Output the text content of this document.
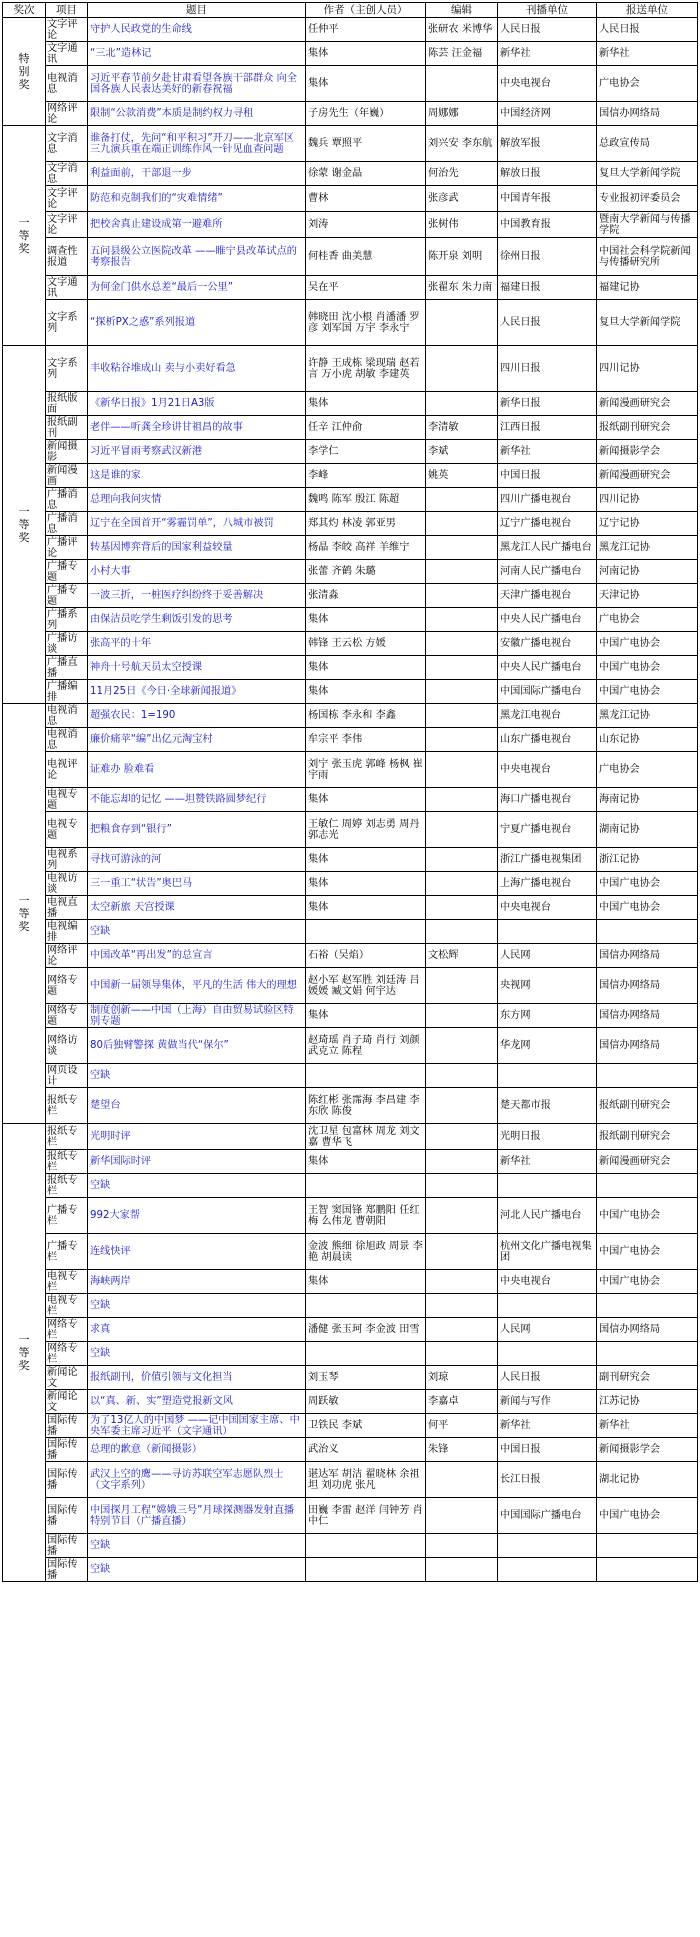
奖次	项目	题目	作者（主创人员）	编辑	刊播单位	报送单位
特别奖	文字评论	守护人民政党的生命线	任仲平	张研农 米博华	人民日报	人民日报
	文字通讯	“三北”造林记	集体	陈芸 汪金福	新华社	新华社
	电视消息	习近平春节前夕赴甘肃看望各族干部群众 向全国各族人民表达美好的新春祝福	集体		中央电视台	广电协会
	网络评论	限制“公款消费”本质是制约权力寻租	子房先生（年巍）	周娜娜	中国经济网	国信办网络局
一等奖	文字消息	谁备打仗，先问“和平积习”开刀——北京军区三九演兵重在端正训练作风一针见血查问题	魏兵 覃照平	刘兴安 李东航	解放军报	总政宣传局
	文字消息	利益面前，干部退一步	徐蒙 谢金晶	何治先	解放日报	复旦大学新闻学院
	文字评论	防范和克制我们的“灾难情绪”	曹林	张彦武	中国青年报	专业报初评委员会
	文字评论	把校舍真止建设成第一避难所	刘涛	张树伟	中国教育报	暨南大学新闻与传播学院
	调查性报道	五问县级公立医院改革 ——睢宁县改革试点的考察报告	何桂香 曲美慧	陈开泉 刘明	徐州日报	中国社会科学院新闻与传播研究所
	文字通讯	为何金门供水总差“最后一公里”	吴在平	张翟东 朱力南	福建日报	福建记协
	文字系列	“探析PX之惑”系列报道	韩晓田 沈小根 肖潘潘 罗彦 刘军国 万宇 李永宁		人民日报	复旦大学新闻学院
一等奖	文字系列	丰收粘谷堆成山 卖与小卖好看急	许静 王成栋 梁现瑞 赵若言 万小虎 胡敏 李建英		四川日报	四川记协
	报纸版面	《新华日报》1月21日A3版	集体		新华日报	新闻漫画研究会
	报纸副刊	老伴——听龚全珍讲甘祖昌的故事	任辛 江仲俞	李清敏	江西日报	报纸副刊研究会
	新闻摄影	习近平冒雨考察武汉新港	李学仁	李斌	新华社	新闻摄影学会
	新闻漫画	这是谁的家	李峰	姚英	中国日报	新闻漫画研究会
	广播消息	总理向我问灾情	魏鸣 陈军 殷江 陈超		四川广播电视台	四川记协
	广播消息	辽宁在全国首开“雾霾罚单”，八城市被罚	郑其灼 林凌 郭亚男		辽宁广播电视台	辽宁记协
	广播评论	转基因博弈背后的国家利益较量	杨晶 李皎 高祥 羊维宁		黑龙江人民广播电台	黑龙江记协
	广播专题	小村大事	张蕾 齐鹤 朱璐		河南人民广播电台	河南记协
	广播专题	一波三折，一桩医疗纠纷终于妥善解决	张清淼		天津广播电视台	天津记协
	广播系列	由保洁员吃学生剩饭引发的思考	集体		中央人民广播电台	广电协会
	广播访谈	张高平的十年	韩锋 王云松 方媛		安徽广播电视台	中国广电协会
	广播直播	神舟十号航天员太空授课	集体		中央人民广播电台	中国广电协会
	广播编排	11月25日《今日·全球新闻报道》	集体		中国国际广播电台	中国广电协会
一等奖	电视消息	超强农民：1=190	杨国栋 李永和 李鑫		黑龙江电视台	黑龙江记协
	电视消息	廉价痛苹“编”出亿元淘宝村	牟宗平 李伟		山东广播电视台	山东记协
	电视评论	证难办 脸难看	刘宁 张玉虎 郭峰 杨枫 崔宇雨		中央电视台	广电协会
	电视专题	不能忘却的记忆 ——坦赞铁路圆梦纪行	集体		海口广播电视台	海南记协
	电视专题	把粮食存到“银行”	王敏仁 周婷 刘志勇 周丹 郭志光		宁夏广播电视台	湖南记协
	电视系列	寻找可游泳的河	集体		浙江广播电视集团	浙江记协
	电视访谈	三一重工“状告”奥巴马	集体		上海广播电视台	中国广电协会
	电视直播	太空新旅 天宫授课	集体		中央电视台	中国广电协会
	电视编排	空缺				
	网络评论	中国改革“再出发”的总宣言	石裕（吴焰）	文松辉	人民网	国信办网络局
	网络专题	中国新一届领导集体，平凡的生活 伟大的理想	赵小军 赵军胜 刘廷涛 吕媛媛 臧文娟 何宇达		央视网	国信办网络局
	网络专题	制度创新——中国（上海）自由贸易试验区特别专题	集体		东方网	国信办网络局
	网络访谈	80后独臂警探 黄做当代“保尔”	赵琦瑶 肖子琦 肖行 刘颜 武克立 陈程		华龙网	国信办网络局
	网页设计	空缺				
	报纸专栏	楚望台	陈红彬 张霈海 李昌建 李东欣 陈俊		楚天都市报	报纸副刊研究会
一等奖	报纸专栏	光明时评	沈卫星 包富林 周龙 刘文嘉 曹华飞		光明日报	报纸副刊研究会
	报纸专栏	新华国际时评	集体		新华社	新闻漫画研究会
	报纸专栏	空缺				
	广播专栏	992大家帮	王智 窦国锋 郑鹏阳 任红梅 么伟龙 曹朝阳		河北人民广播电台	中国广电协会
	广播专栏	连线快评	金波 熊细 徐旭政 周景 李艳 胡晨读		杭州文化广播电视集团	中国广电协会
	电视专栏	海峡两岸	集体		中央电视台	中国广电协会
	电视专栏	空缺				
	网络专栏	求真	潘健 张玉珂 李金波 田雪		人民网	国信办网络局
	网络专栏	空缺				
	新闻论文	报纸副刊，价值引领与文化担当	刘玉琴	刘琼	人民日报	副刊研究会
	新闻论文	以“真、新、实”塑造党报新文风	周跃敏	李嘉卓	新闻与写作	江苏记协
	国际传播	为了13亿人的中国梦 ——记中国国家主席、中央军委主席习近平（文字通讯）	卫铁民 李斌	何平	新华社	新华社
	国际传播	总理的歉意（新闻摄影）	武治义	朱锋	中国日报	新闻摄影学会
	国际传播	武汉上空的鹰——寻访苏联空军志愿队烈士（文字系列）	谌达军 胡洁 翟晓林 余祖坦 刘功虎 张凡		长江日报	湖北记协
	国际传播	中国探月工程“嫦娥三号”月球探测器发射直播特别节目（广播直播）	田巍 李雷 赵洋 闫钟芳 肖中仁		中国国际广播电台	中国广电协会
	国际传播	空缺				
	国际传播	空缺				
